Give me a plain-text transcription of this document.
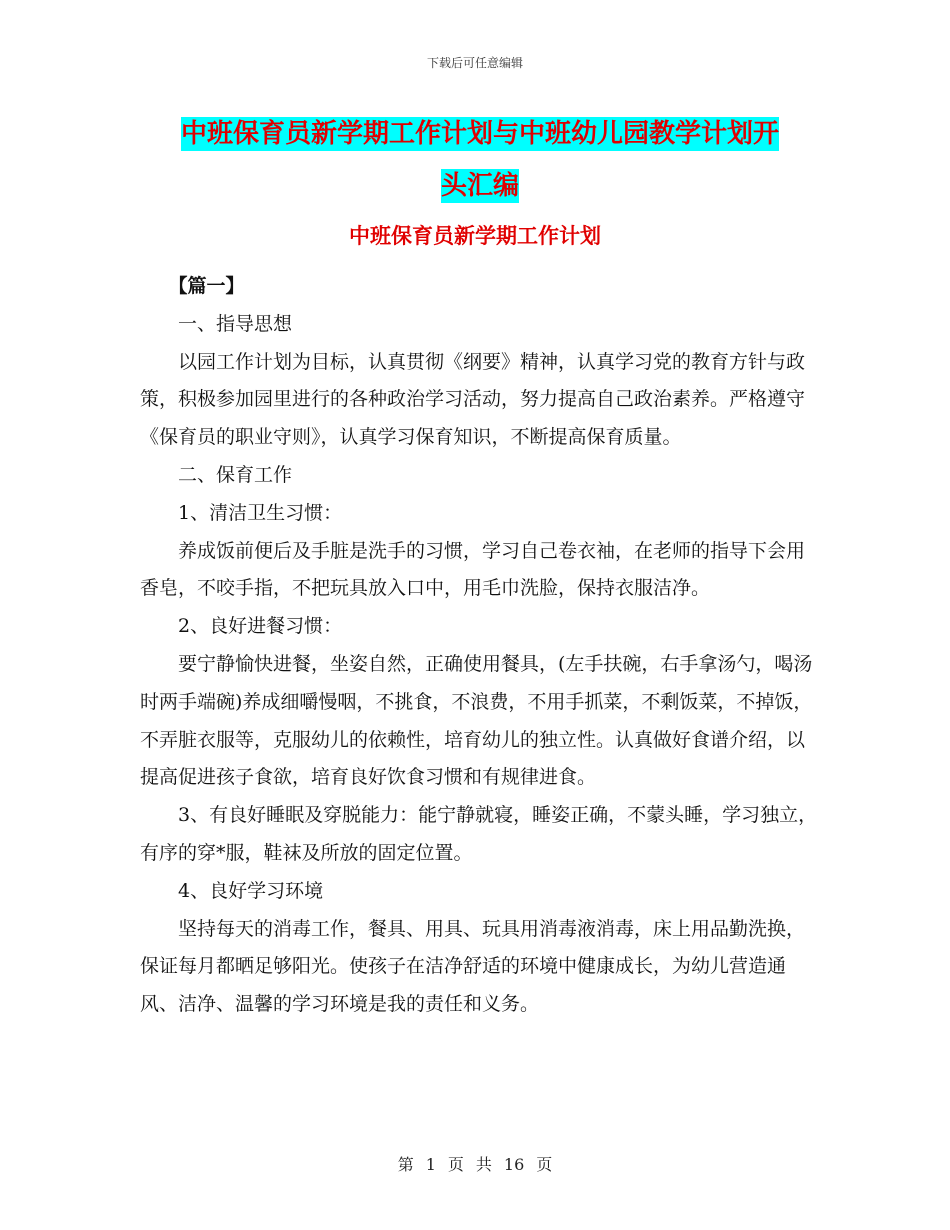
下载后可任意编辑
中班保育员新学期工作计划与中班幼儿园教学计划开
头汇编
中班保育员新学期工作计划

【篇一】

一、指导思想

以园工作计划为目标，认真贯彻《纲要》精神，认真学习党的教育方针与政策，积极参加园里进行的各种政治学习活动，努力提高自己政治素养。严格遵守《保育员的职业守则》，认真学习保育知识，不断提高保育质量。

二、保育工作

1、清洁卫生习惯：

养成饭前便后及手脏是洗手的习惯，学习自己卷衣袖，在老师的指导下会用香皂，不咬手指，不把玩具放入口中，用毛巾洗脸，保持衣服洁净。

2、良好进餐习惯：

要宁静愉快进餐，坐姿自然，正确使用餐具，(左手扶碗，右手拿汤勺，喝汤时两手端碗)养成细嚼慢咽，不挑食，不浪费，不用手抓菜，不剩饭菜，不掉饭，不弄脏衣服等，克服幼儿的依赖性，培育幼儿的独立性。认真做好食谱介绍，以提高促进孩子食欲，培育良好饮食习惯和有规律进食。

3、有良好睡眠及穿脱能力：能宁静就寝，睡姿正确，不蒙头睡，学习独立，有序的穿*服，鞋袜及所放的固定位置。

4、良好学习环境

坚持每天的消毒工作，餐具、用具、玩具用消毒液消毒，床上用品勤洗换，保证每月都晒足够阳光。使孩子在洁净舒适的环境中健康成长，为幼儿营造通风、洁净、温馨的学习环境是我的责任和义务。

第 1 页 共 16 页
